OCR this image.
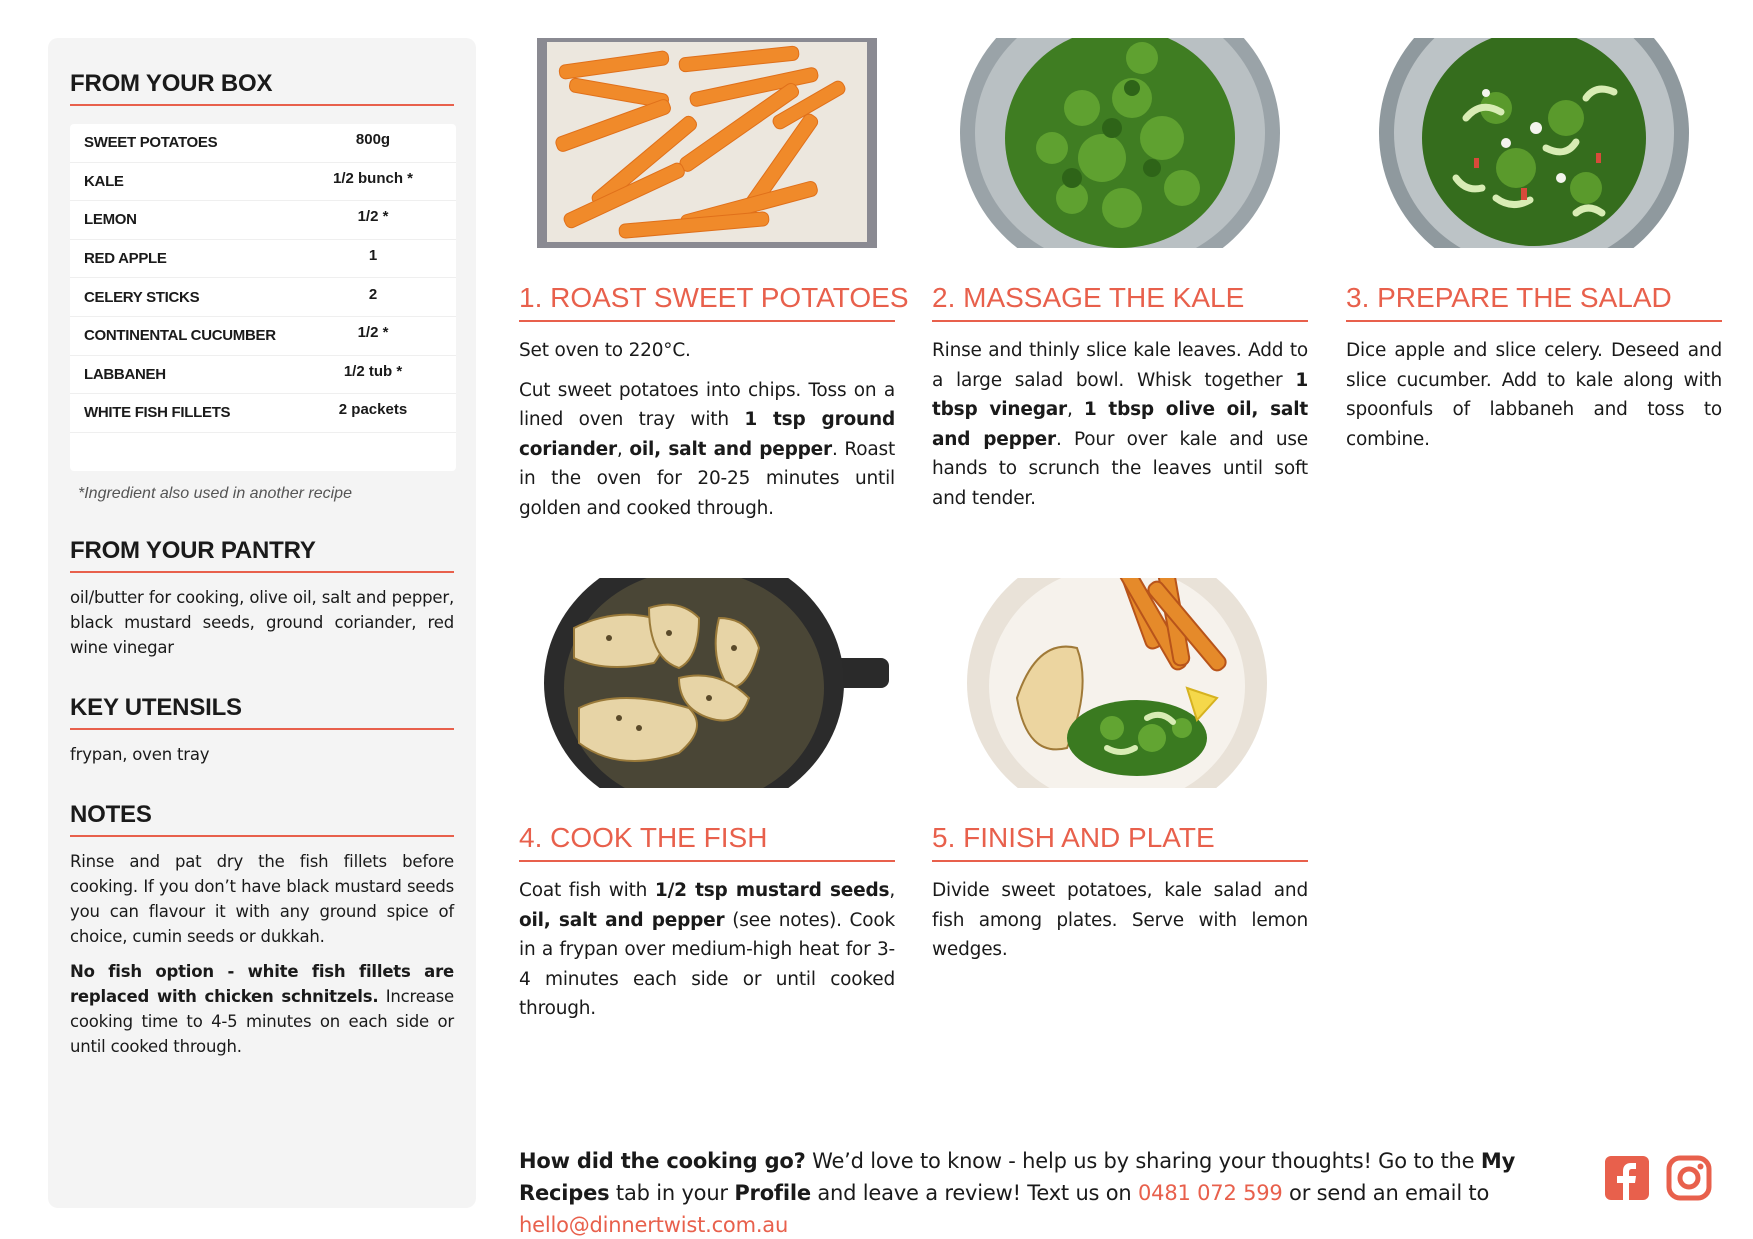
FROM YOUR BOX
SWEET POTATOES	800g
KALE	1/2 bunch *
LEMON	1/2 *
RED APPLE	1
CELERY STICKS	2
CONTINENTAL CUCUMBER	1/2 *
LABBANEH	1/2 tub *
WHITE FISH FILLETS	2 packets
*Ingredient also used in another recipe
FROM YOUR PANTRY
oil/butter for cooking, olive oil, salt and pepper, black mustard seeds, ground coriander, red wine vinegar
KEY UTENSILS
frypan, oven tray
NOTES

Rinse and pat dry the fish fillets before cooking. If you don’t have black mustard seeds you can flavour it with any ground spice of choice, cumin seeds or dukkah.

No fish option - white fish fillets are replaced with chicken schnitzels. Increase cooking time to 4-5 minutes on each side or until cooked through.

1. ROAST SWEET POTATOES

Set oven to 220°C.

Cut sweet potatoes into chips. Toss on a lined oven tray with 1 tsp ground coriander, oil, salt and pepper. Roast in the oven for 20-25 minutes until golden and cooked through.

2. MASSAGE THE KALE

Rinse and thinly slice kale leaves. Add to a large salad bowl. Whisk together 1 tbsp vinegar, 1 tbsp olive oil, salt and pepper. Pour over kale and use hands to scrunch the leaves until soft and tender.

3. PREPARE THE SALAD

Dice apple and slice celery. Deseed and slice cucumber. Add to kale along with spoonfuls of labbaneh and toss to combine.

4. COOK THE FISH

Coat fish with 1/2 tsp mustard seeds, oil, salt and pepper (see notes). Cook in a frypan over medium-high heat for 3-4 minutes each side or until cooked through.

5. FINISH AND PLATE

Divide sweet potatoes, kale salad and fish among plates. Serve with lemon wedges.

How did the cooking go? We’d love to know - help us by sharing your thoughts! Go to the My Recipes tab in your Profile and leave a review! Text us on 0481 072 599 or send an email to hello@dinnertwist.com.au
